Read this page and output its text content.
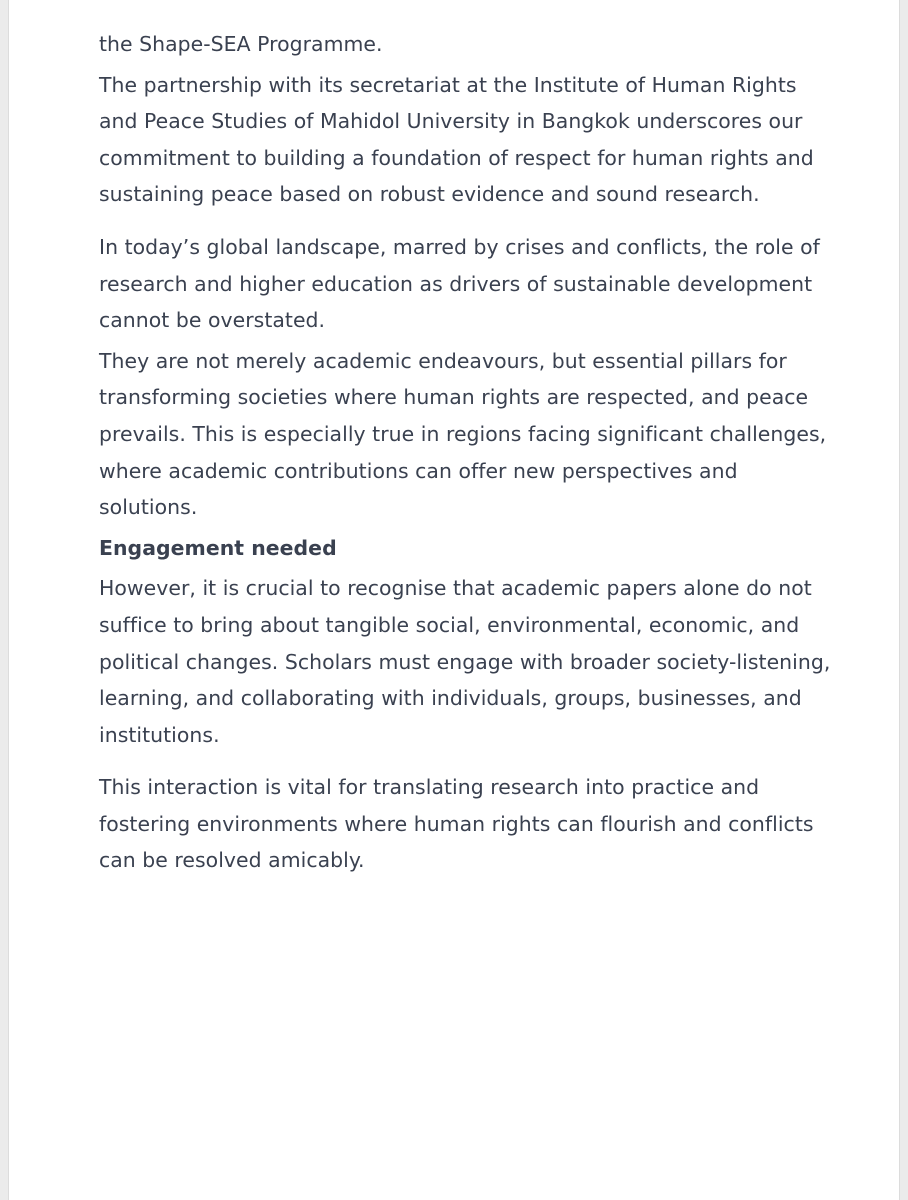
the Shape-SEA Programme.

The partnership with its secretariat at the Institute of Human Rights and Peace Studies of Mahidol University in Bangkok underscores our commitment to building a foundation of respect for human rights and sustaining peace based on robust evidence and sound research.

In today’s global landscape, marred by crises and conflicts, the role of research and higher education as drivers of sustainable development cannot be overstated.

They are not merely academic endeavours, but essential pillars for transforming societies where human rights are respected, and peace prevails. This is especially true in regions facing significant challenges, where academic contributions can offer new perspectives and solutions.

Engagement needed

However, it is crucial to recognise that academic papers alone do not suffice to bring about tangible social, environmental, economic, and political changes. Scholars must engage with broader society-listening, learning, and collaborating with individuals, groups, businesses, and institutions.

This interaction is vital for translating research into practice and fostering environments where human rights can flourish and conflicts can be resolved amicably.
